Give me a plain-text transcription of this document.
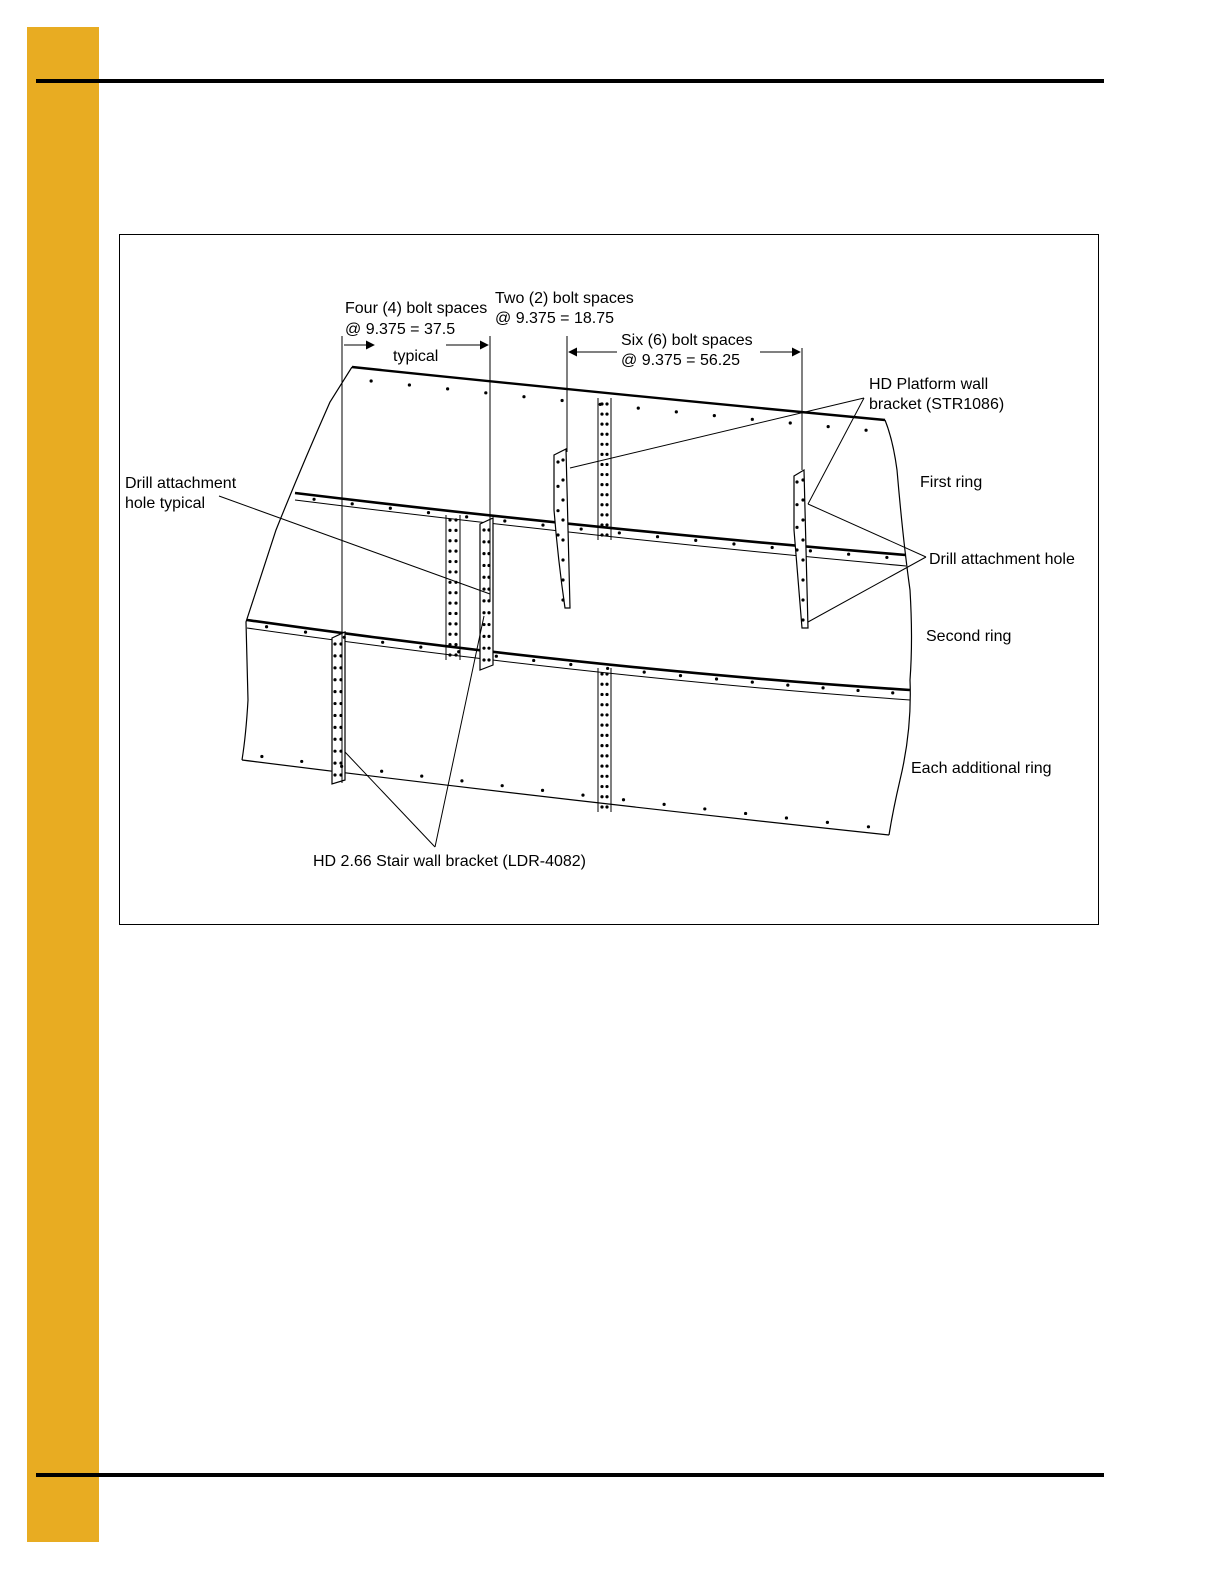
Four (4) bolt spaces
@ 9.375 = 37.5
typical
Two (2) bolt spaces
@ 9.375 = 18.75
Six (6) bolt spaces
@ 9.375 = 56.25
HD Platform wall
bracket (STR1086)
Drill attachment
hole typical
First ring
Drill attachment hole
Second ring
Each additional ring
HD 2.66 Stair wall bracket (LDR-4082)
